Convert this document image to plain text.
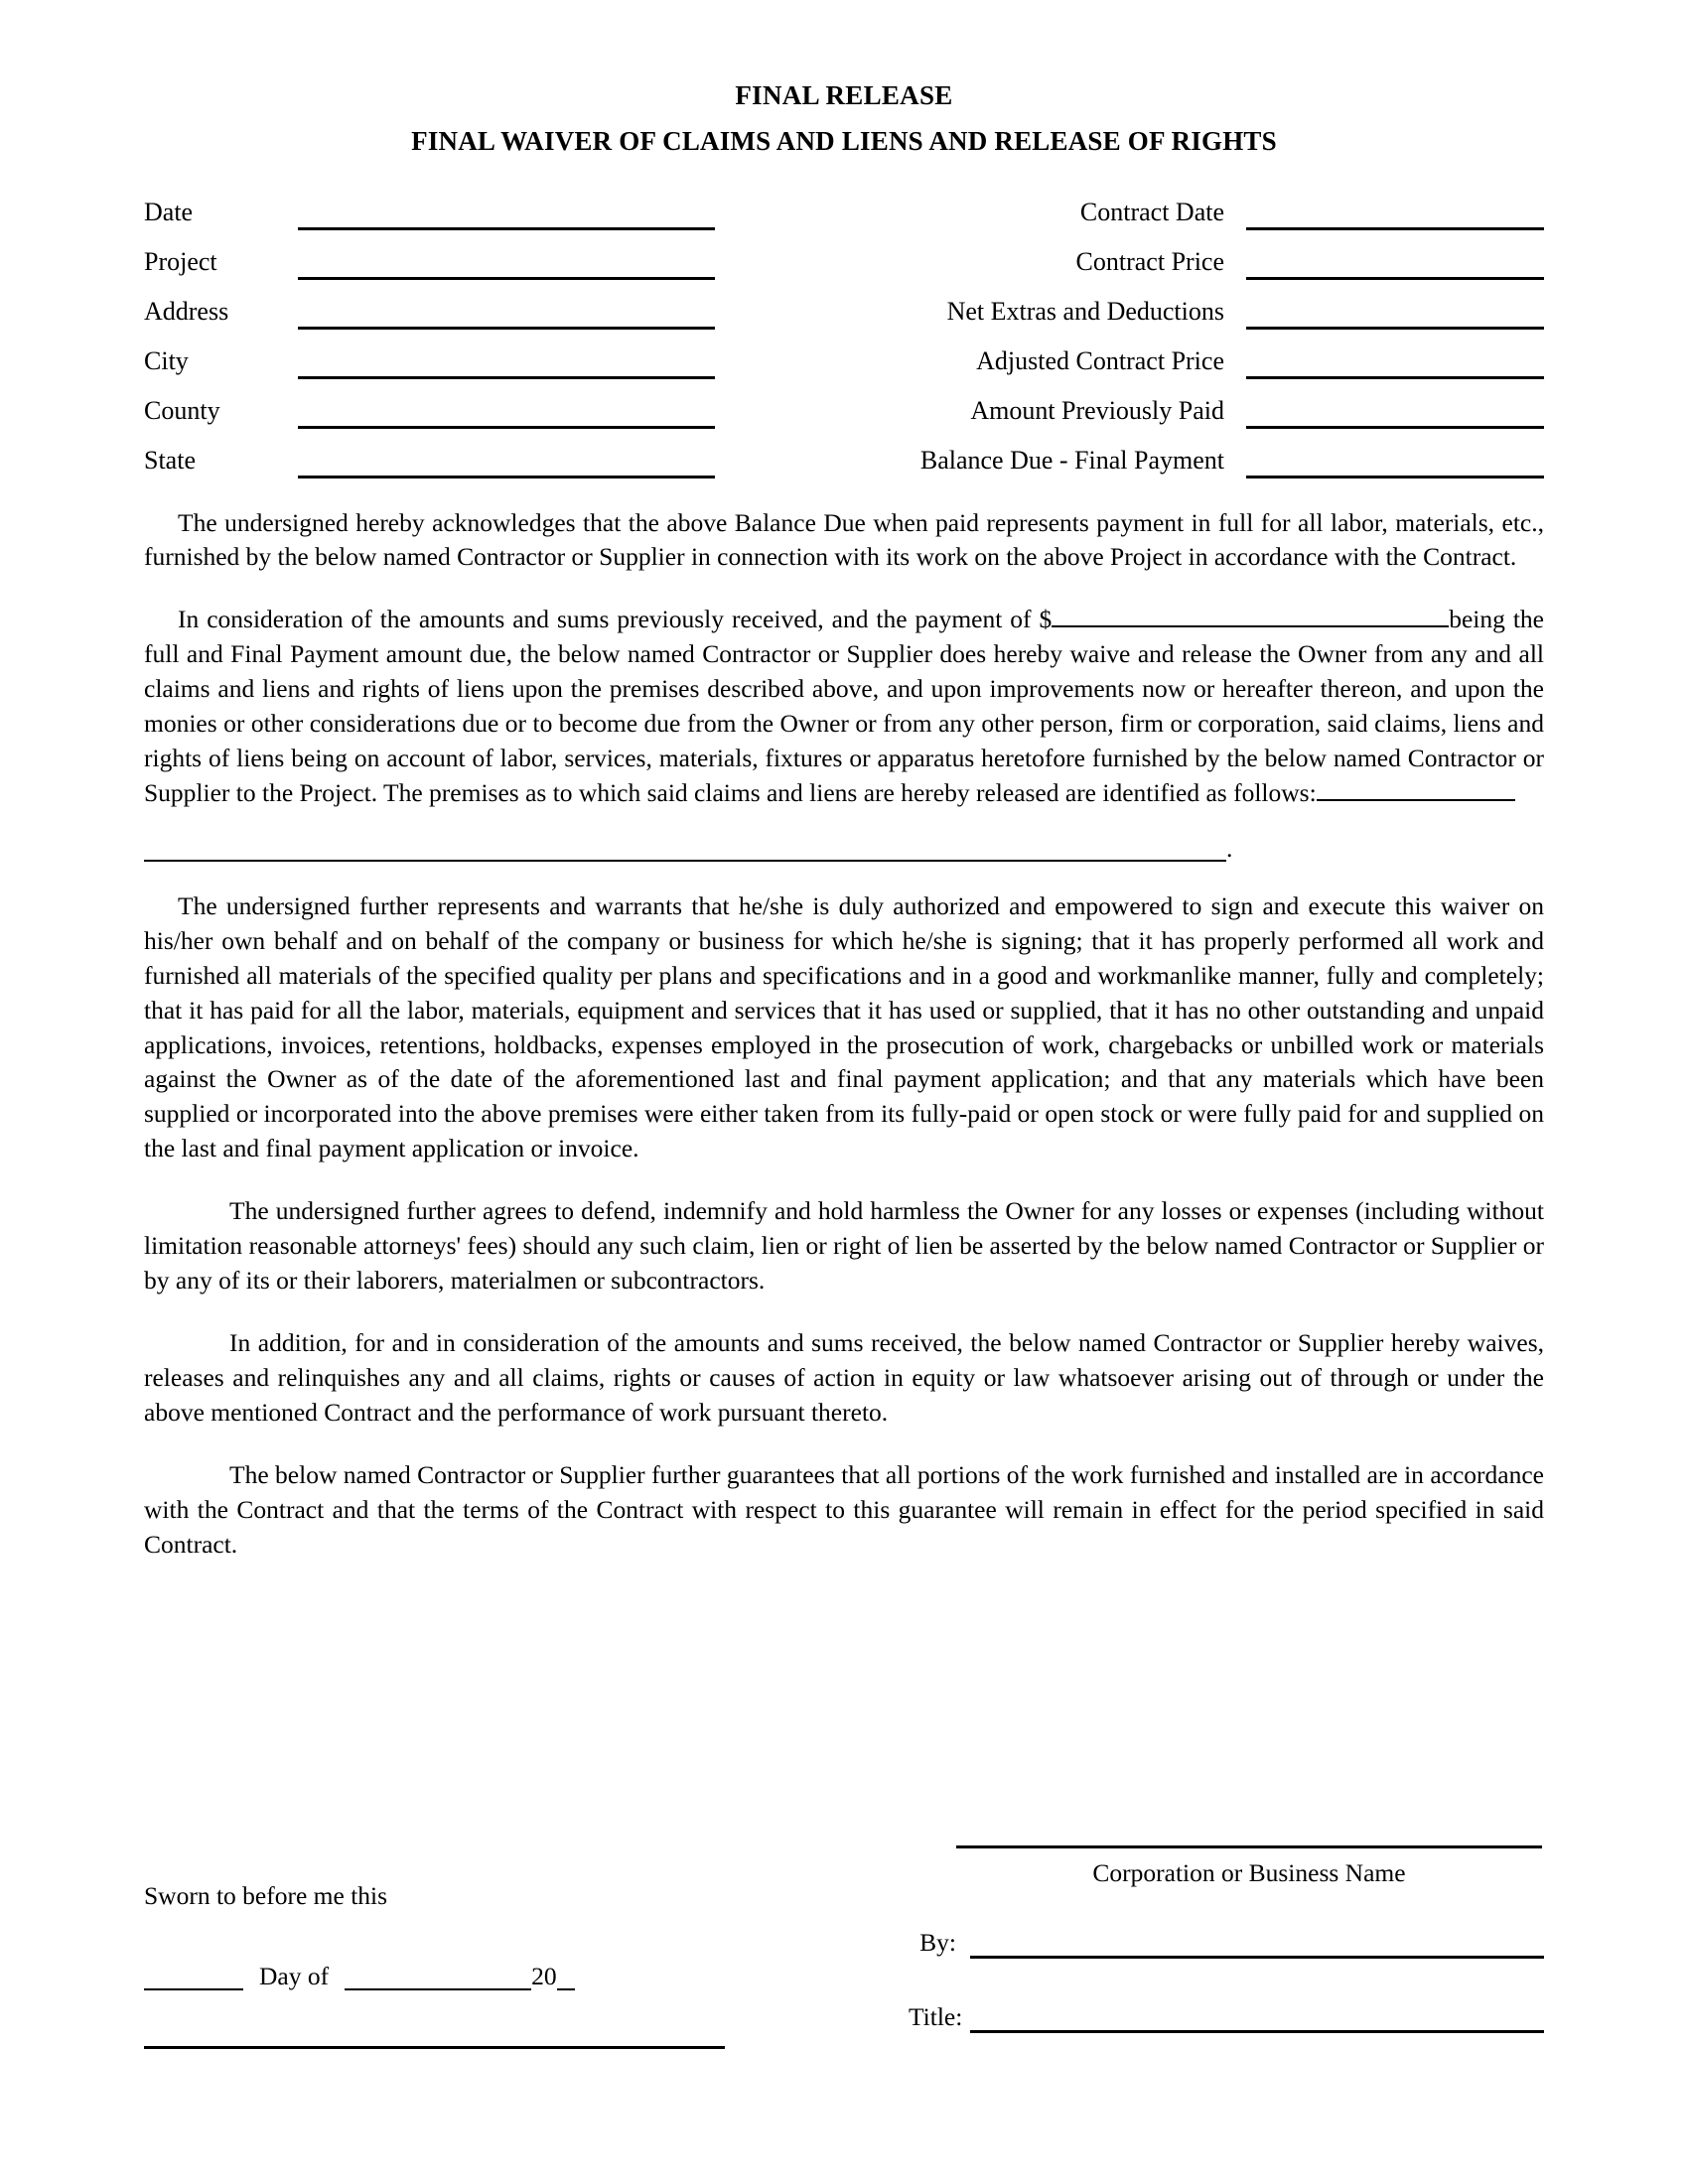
FINAL RELEASE
FINAL WAIVER OF CLAIMS AND LIENS AND RELEASE OF RIGHTS
Date	Contract Date
Project	Contract Price
Address	Net Extras and Deductions
City	Adjusted Contract Price
County	Amount Previously Paid
State	Balance Due - Final Payment

The undersigned hereby acknowledges that the above Balance Due when paid represents payment in full for all labor, materials, etc., furnished by the below named Contractor or Supplier in connection with its work on the above Project in accordance with the Contract.

In consideration of the amounts and sums previously received, and the payment of $	being the full and Final Payment amount due, the below named Contractor or Supplier does hereby waive and release the Owner from any and all claims and liens and rights of liens upon the premises described above, and upon improvements now or hereafter thereon, and upon the monies or other considerations due or to become due from the Owner or from any other person, firm or corporation, said claims, liens and rights of liens being on account of labor, services, materials, fixtures or apparatus heretofore furnished by the below named Contractor or Supplier to the Project. The premises as to which said claims and liens are hereby released are identified as follows:

.

The undersigned further represents and warrants that he/she is duly authorized and empowered to sign and execute this waiver on his/her own behalf and on behalf of the company or business for which he/she is signing; that it has properly performed all work and furnished all materials of the specified quality per plans and specifications and in a good and workmanlike manner, fully and completely; that it has paid for all the labor, materials, equipment and services that it has used or supplied, that it has no other outstanding and unpaid applications, invoices, retentions, holdbacks, expenses employed in the prosecution of work, chargebacks or unbilled work or materials against the Owner as of the date of the aforementioned last and final payment application; and that any materials which have been supplied or incorporated into the above premises were either taken from its fully-paid or open stock or were fully paid for and supplied on the last and final payment application or invoice.

The undersigned further agrees to defend, indemnify and hold harmless the Owner for any losses or expenses (including without limitation reasonable attorneys' fees) should any such claim, lien or right of lien be asserted by the below named Contractor or Supplier or by any of its or their laborers, materialmen or subcontractors.

In addition, for and in consideration of the amounts and sums received, the below named Contractor or Supplier hereby waives, releases and relinquishes any and all claims, rights or causes of action in equity or law whatsoever arising out of through or under the above mentioned Contract and the performance of work pursuant thereto.

The below named Contractor or Supplier further guarantees that all portions of the work furnished and installed are in accordance with the Contract and that the terms of the Contract with respect to this guarantee will remain in effect for the period specified in said Contract.

Sworn to before me this
Day of	20
Corporation or Business Name
By:
Title:
